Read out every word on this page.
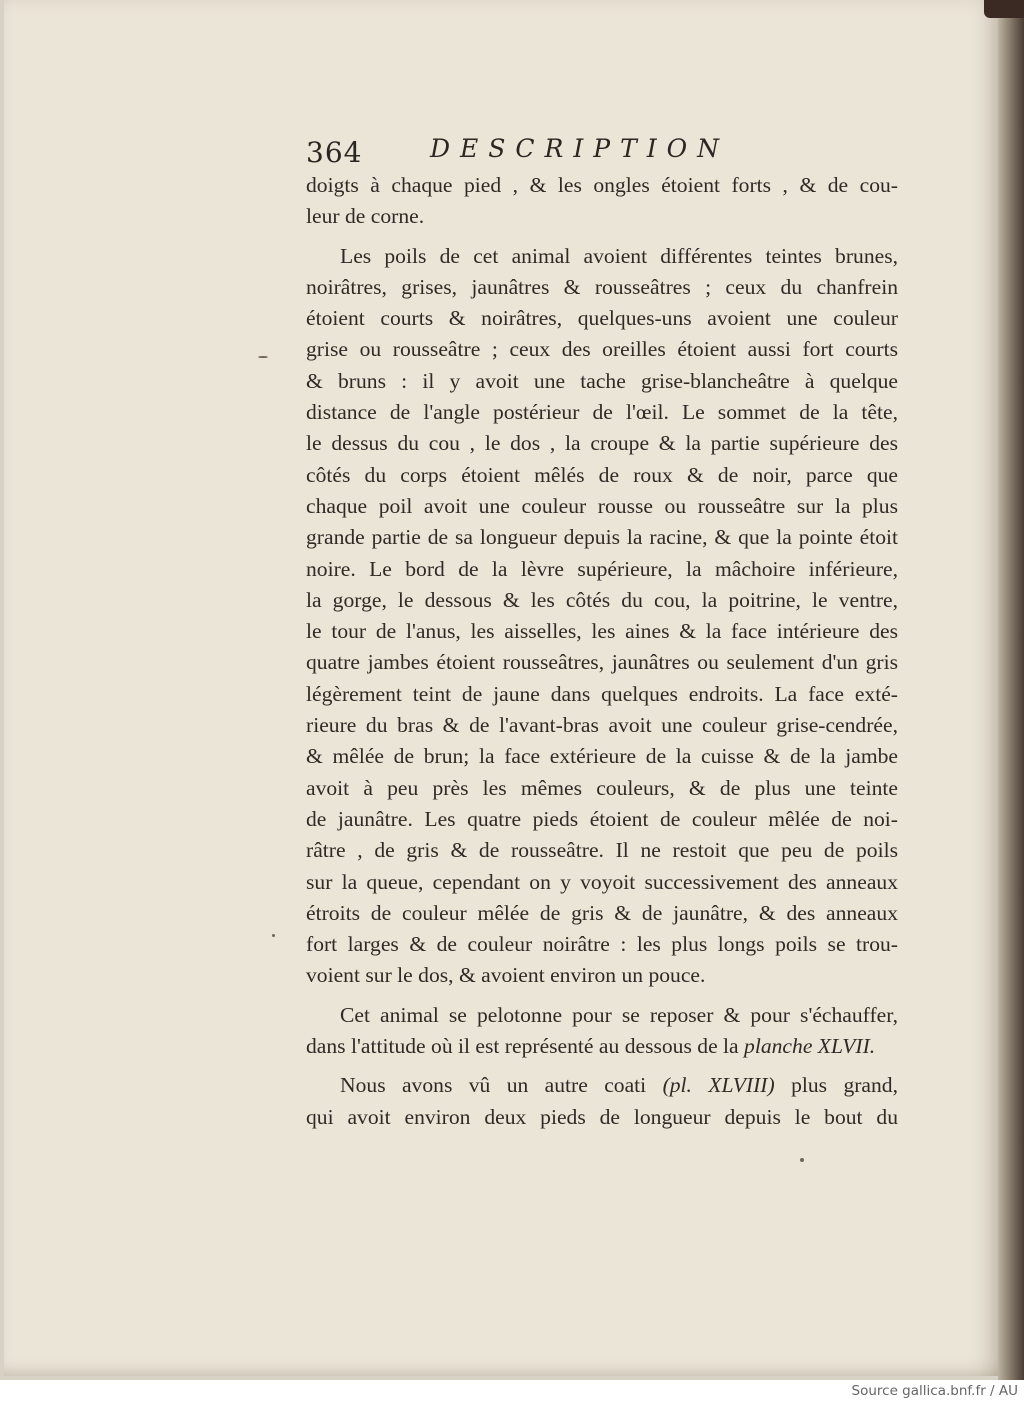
364	DESCRIPTION
doigts à chaque pied , & les ongles étoient forts , & de cou-
leur de corne.
Les poils de cet animal avoient différentes teintes brunes,
noirâtres, grises, jaunâtres & rousseâtres ; ceux du chanfrein
étoient courts & noirâtres, quelques-uns avoient une couleur
grise ou rousseâtre ; ceux des oreilles étoient aussi fort courts
& bruns : il y avoit une tache grise-blancheâtre à quelque
distance de l'angle postérieur de l'œil. Le sommet de la tête,
le dessus du cou , le dos , la croupe & la partie supérieure des
côtés du corps étoient mêlés de roux & de noir, parce que
chaque poil avoit une couleur rousse ou rousseâtre sur la plus
grande partie de sa longueur depuis la racine, & que la pointe étoit
noire. Le bord de la lèvre supérieure, la mâchoire inférieure,
la gorge, le dessous & les côtés du cou, la poitrine, le ventre,
le tour de l'anus, les aisselles, les aines & la face intérieure des
quatre jambes étoient rousseâtres, jaunâtres ou seulement d'un gris
légèrement teint de jaune dans quelques endroits. La face exté-
rieure du bras & de l'avant-bras avoit une couleur grise-cendrée,
& mêlée de brun; la face extérieure de la cuisse & de la jambe
avoit à peu près les mêmes couleurs, & de plus une teinte
de jaunâtre. Les quatre pieds étoient de couleur mêlée de noi-
râtre , de gris & de rousseâtre. Il ne restoit que peu de poils
sur la queue, cependant on y voyoit successivement des anneaux
étroits de couleur mêlée de gris & de jaunâtre, & des anneaux
fort larges & de couleur noirâtre : les plus longs poils se trou-
voient sur le dos, & avoient environ un pouce.
Cet animal se pelotonne pour se reposer & pour s'échauffer,
dans l'attitude où il est représenté au dessous de la planche XLVII.
Nous avons vû un autre coati (pl. XLVIII) plus grand,
qui avoit environ deux pieds de longueur depuis le bout du
Source gallica.bnf.fr / AU
